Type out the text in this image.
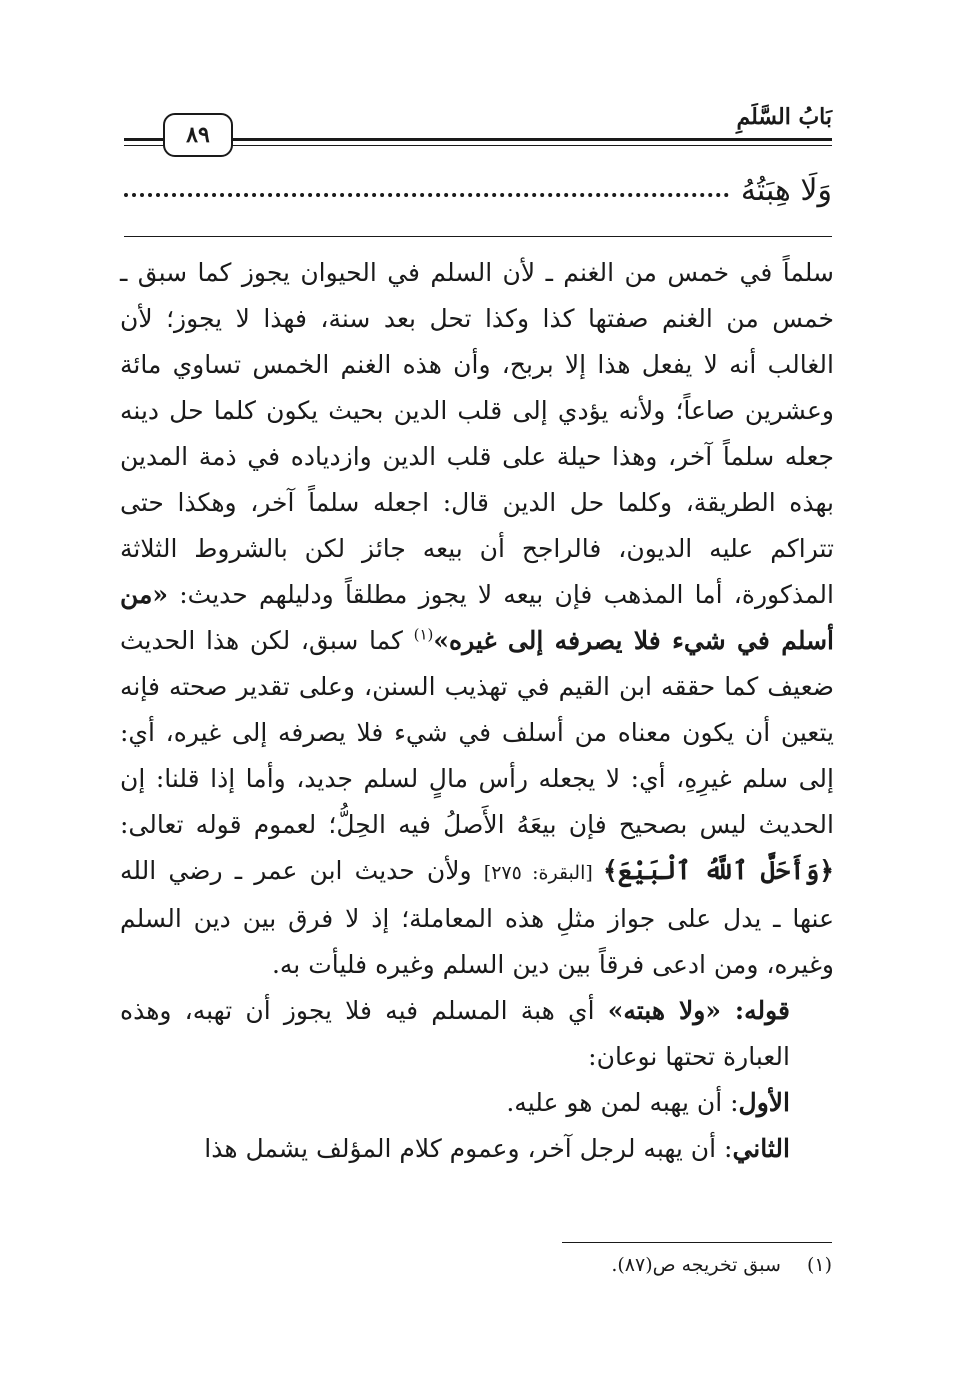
بَابُ السَّلَمِ
٨٩
وَلَا هِبَتُهُ

سلماً في خمس من الغنم ـ لأن السلم في الحيوان يجوز كما سبق ـ خمس من الغنم صفتها كذا وكذا تحل بعد سنة، فهذا لا يجوز؛ لأن الغالب أنه لا يفعل هذا إلا بربح، وأن هذه الغنم الخمس تساوي مائة وعشرين صاعاً؛ ولأنه يؤدي إلى قلب الدين بحيث يكون كلما حل دينه جعله سلماً آخر، وهذا حيلة على قلب الدين وازدياده في ذمة المدين بهذه الطريقة، وكلما حل الدين قال: اجعله سلماً آخر، وهكذا حتى تتراكم عليه الديون، فالراجح أن بيعه جائز لكن بالشروط الثلاثة المذكورة، أما المذهب فإن بيعه لا يجوز مطلقاً ودليلهم حديث: «من أسلم في شيء فلا يصرفه إلى غيره»$^{(١)}$ كما سبق، لكن هذا الحديث ضعيف كما حققه ابن القيم في تهذيب السنن، وعلى تقدير صحته فإنه يتعين أن يكون معناه من أسلف في شيء فلا يصرفه إلى غيره، أي: إلى سلم غيرِهِ، أي: لا يجعله رأس مالٍ لسلم جديد، وأما إذا قلنا: إن الحديث ليس بصحيح فإن بيعَهُ الأَصلُ فيه الحِلُّ؛ لعموم قوله تعالى: ﴿وَأَحَلَّ ٱللَّهُ ٱلْبَيْعَ﴾ [البقرة: ٢٧٥] ولأن حديث ابن عمر ـ رضي الله عنها ـ يدل على جواز مثلِ هذه المعاملة؛ إذ لا فرق بين دين السلم وغيره، ومن ادعى فرقاً بين دين السلم وغيره فليأت به.

قوله: «ولا هبته» أي هبة المسلم فيه فلا يجوز أن تهبه، وهذه العبارة تحتها نوعان:

الأول: أن يهبه لمن هو عليه.

الثاني: أن يهبه لرجل آخر، وعموم كلام المؤلف يشمل هذا

(١)
سبق تخريجه ص(٨٧).
